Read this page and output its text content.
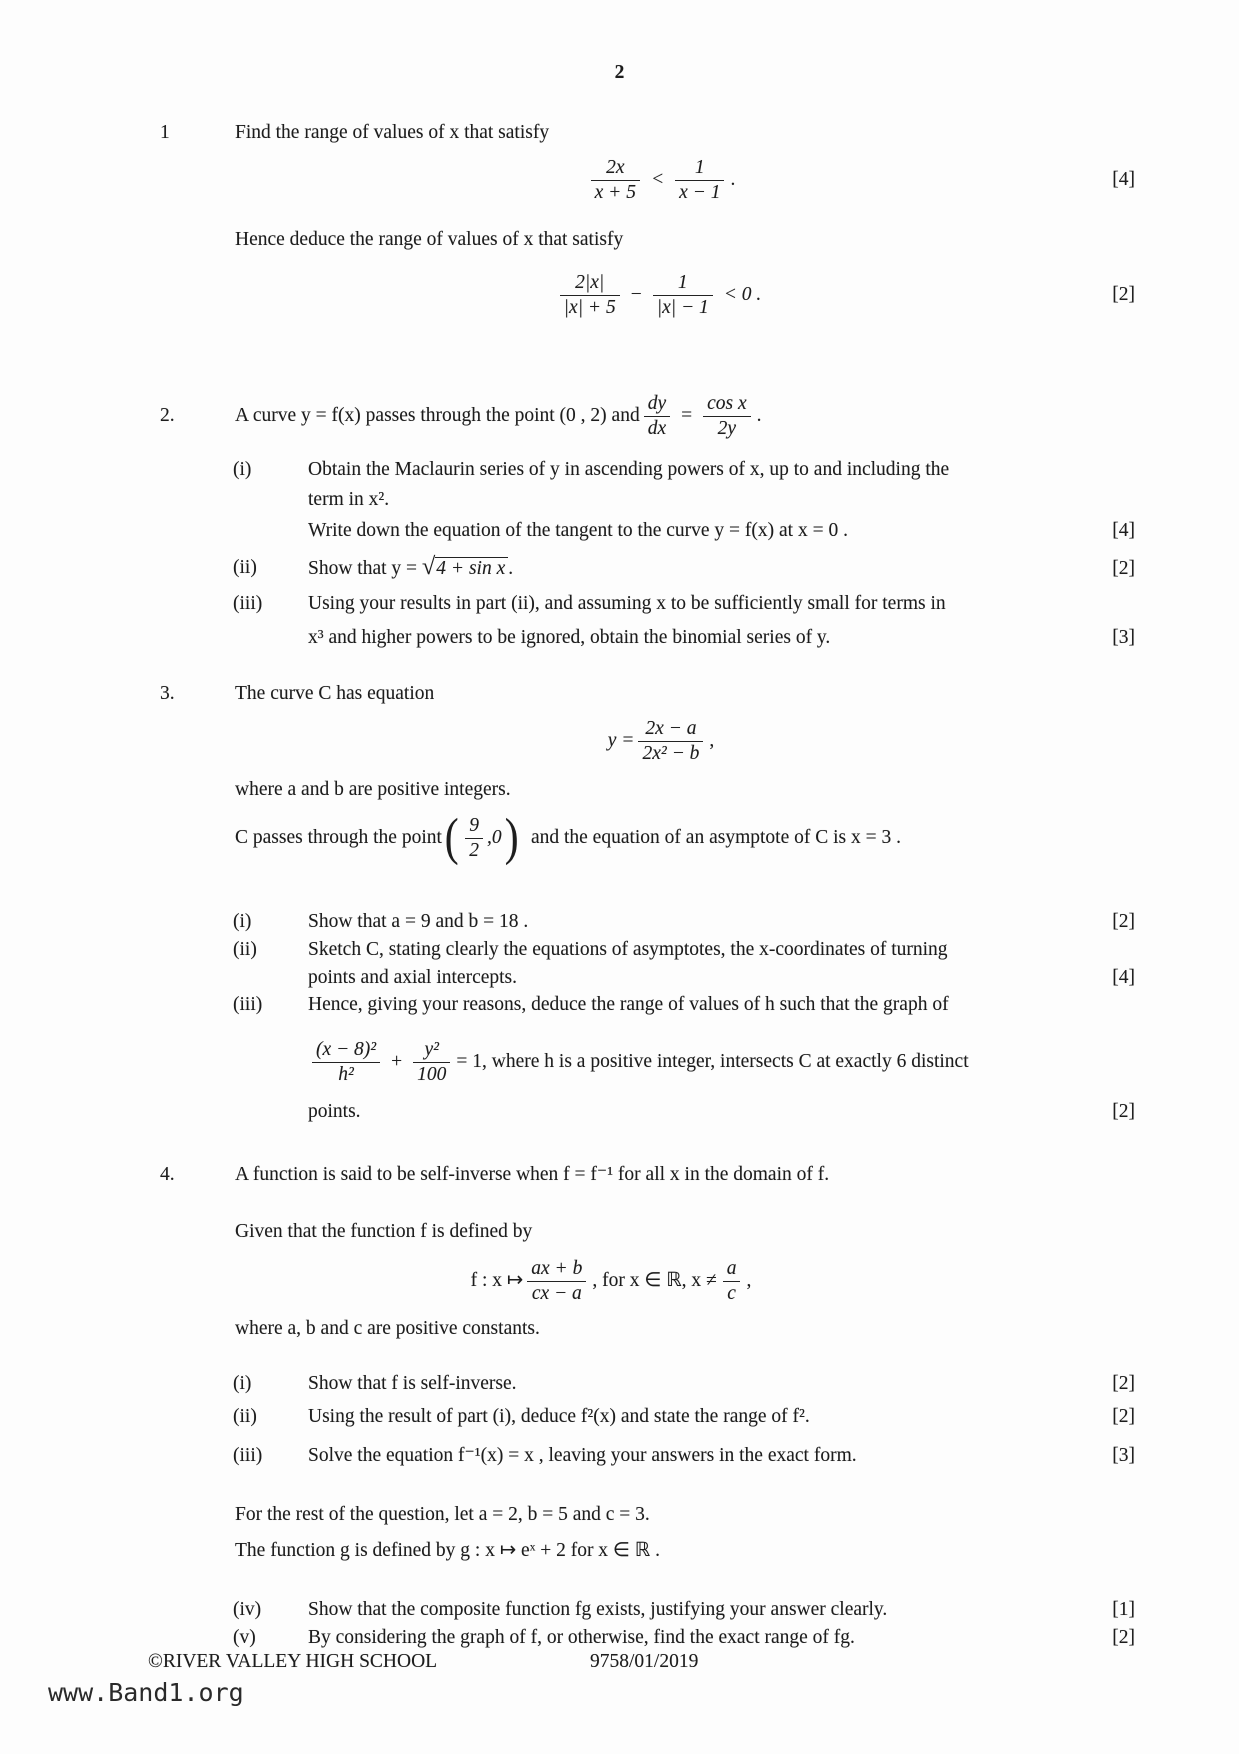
2
1	Find the range of values of x that satisfy
$\frac{2x}{x + 5} < \frac{1}{x - 1}$ .	[4]
Hence deduce the range of values of x that satisfy
$\frac{2|x|}{|x| + 5} - \frac{1}{|x| - 1} < 0$ .	[2]
2.	A curve y = f(x) passes through the point (0 , 2) and $\frac{dy}{dx} = \frac{\text{cos x}}{2y}$ .
(i)	Obtain the Maclaurin series of y in ascending powers of x, up to and including the
term in x².
Write down the equation of the tangent to the curve y = f(x) at x = 0 .	[4]
(ii)	Show that y = √4 + sin x .	[2]
(iii) Using your results in part (ii), and assuming x to be sufficiently small for terms in
x³ and higher powers to be ignored, obtain the binomial series of y.	[3]
3.	The curve C has equation
$y = \frac{2x - a}{\text{2x² − b}}$ ,
where a and b are positive integers.
C passes through the point ( $\frac{9}{2} ,0$ ) and the equation of an asymptote of C is x = 3 .
(i)	Show that a = 9 and b = 18 .	[2]
(ii)	Sketch C, stating clearly the equations of asymptotes, the x-coordinates of turning
points and axial intercepts.	[4]
(iii) Hence, giving your reasons, deduce the range of values of h such that the graph of
$\frac{\text{(x − 8)²}}{\text{h²}} + \frac{\text{y²}}{100} = 1$, where h is a positive integer, intersects C at exactly 6 distinct
points.	[2]
4.	A function is said to be self-inverse when f = f⁻¹ for all x in the domain of f.
Given that the function f is defined by
f : x ↦ $\frac{ax + b}{cx - a}$ , for x ∈ ℝ, $x \ne \frac{a}{c}$ ,
where a, b and c are positive constants.
(i)	Show that f is self-inverse.	[2]
(ii)	Using the result of part (i), deduce f²(x) and state the range of f².	[2]
(iii) Solve the equation f⁻¹(x) = x , leaving your answers in the exact form.	[3]
For the rest of the question, let a = 2, b = 5 and c = 3.
The function g is defined by g : x ↦ eˣ + 2 for x ∈ ℝ .
(iv) Show that the composite function fg exists, justifying your answer clearly.	[1]
(v)	By considering the graph of f, or otherwise, find the exact range of fg.	[2]
©RIVER VALLEY HIGH SCHOOL	9758/01/2019
www.Band1.org
